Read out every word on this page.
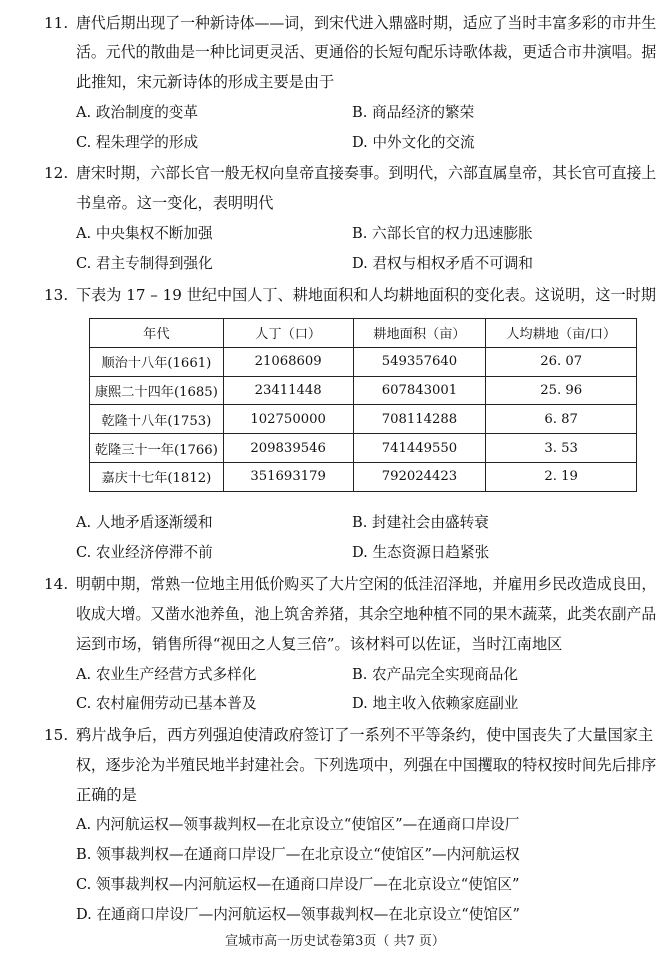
11. 唐代后期出现了一种新诗体——词，到宋代进入鼎盛时期，适应了当时丰富多彩的市井生
活。元代的散曲是一种比词更灵活、更通俗的长短句配乐诗歌体裁，更适合市井演唱。据
此推知，宋元新诗体的形成主要是由于
A. 政治制度的变革	B. 商品经济的繁荣
C. 程朱理学的形成	D. 中外文化的交流
12. 唐宋时期，六部长官一般无权向皇帝直接奏事。到明代，六部直属皇帝，其长官可直接上
书皇帝。这一变化，表明明代
A. 中央集权不断加强	B. 六部长官的权力迅速膨胀
C. 君主专制得到强化	D. 君权与相权矛盾不可调和
13. 下表为 17 – 19 世纪中国人丁、耕地面积和人均耕地面积的变化表。这说明，这一时期
年代	人丁（口）	耕地面积（亩）	人均耕地（亩/口）
顺治十八年(1661)	21068609	549357640	26. 07
康熙二十四年(1685)	23411448	607843001	25. 96
乾隆十八年(1753)	102750000	708114288	6. 87
乾隆三十一年(1766)	209839546	741449550	3. 53
嘉庆十七年(1812)	351693179	792024423	2. 19
A. 人地矛盾逐渐缓和	B. 封建社会由盛转衰
C. 农业经济停滞不前	D. 生态资源日趋紧张
14. 明朝中期，常熟一位地主用低价购买了大片空闲的低洼沼泽地，并雇用乡民改造成良田，
收成大增。又凿水池养鱼，池上筑舍养猪，其余空地种植不同的果木蔬菜，此类农副产品
运到市场，销售所得“视田之人复三倍”。该材料可以佐证，当时江南地区
A. 农业生产经营方式多样化	B. 农产品完全实现商品化
C. 农村雇佣劳动已基本普及	D. 地主收入依赖家庭副业
15. 鸦片战争后，西方列强迫使清政府签订了一系列不平等条约，使中国丧失了大量国家主
权，逐步沦为半殖民地半封建社会。下列选项中，列强在中国攫取的特权按时间先后排序
正确的是
A. 内河航运权—领事裁判权—在北京设立“使馆区”—在通商口岸设厂
B. 领事裁判权—在通商口岸设厂—在北京设立“使馆区”—内河航运权
C. 领事裁判权—内河航运权—在通商口岸设厂—在北京设立“使馆区”
D. 在通商口岸设厂—内河航运权—领事裁判权—在北京设立“使馆区”
宣城市高一历史试卷第3页（ 共7 页）
